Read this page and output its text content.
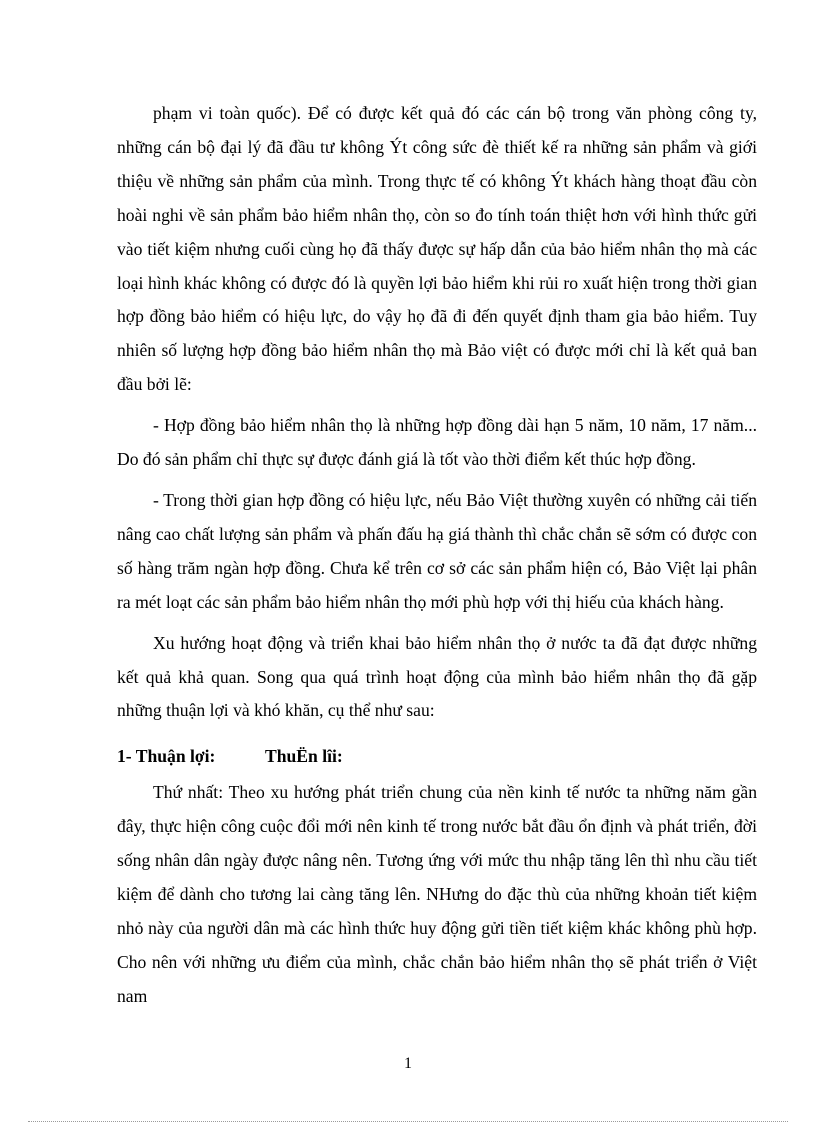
phạm vi toàn quốc). Để có được kết quả đó các cán bộ trong văn phòng công ty, những cán bộ đại lý đã đầu tư không Ýt công sức đè thiết kế ra những sản phẩm và giới thiệu về những sản phẩm của mình. Trong thực tế có không Ýt khách hàng thoạt đầu còn hoài nghi về sản phẩm bảo hiểm nhân thọ, còn so đo tính toán thiệt hơn với hình thức gửi vào tiết kiệm nhưng cuối cùng họ đã thấy được sự hấp dẫn của bảo hiểm nhân thọ mà các loại hình khác không có được đó là quyền lợi bảo hiểm khi rủi ro xuất hiện trong thời gian hợp đồng bảo hiểm có hiệu lực, do vậy họ đã đi đến quyết định tham gia bảo hiểm. Tuy nhiên số lượng hợp đồng bảo hiểm nhân thọ mà Bảo việt có được mới chỉ là kết quả ban đầu bởi lẽ:

- Hợp đồng bảo hiểm nhân thọ là những hợp đồng dài hạn 5 năm, 10 năm, 17 năm... Do đó sản phẩm chỉ thực sự được đánh giá là tốt vào thời điểm kết thúc hợp đồng.

- Trong thời gian hợp đồng có hiệu lực, nếu Bảo Việt thường xuyên có những cải tiến nâng cao chất lượng sản phẩm và phấn đấu hạ giá thành thì chắc chắn sẽ sớm có được con số hàng trăm ngàn hợp đồng. Chưa kể trên cơ sở các sản phẩm hiện có, Bảo Việt lại phân ra mét loạt các sản phẩm bảo hiểm nhân thọ mới phù hợp với thị hiếu của khách hàng.

Xu hướng hoạt động và triển khai bảo hiểm nhân thọ ở nước ta đã đạt được những kết quả khả quan. Song qua quá trình hoạt động của mình bảo hiểm nhân thọ đã gặp những thuận lợi và khó khăn, cụ thể như sau:

1- Thuận lợi:	ThuËn lîi:

Thứ nhất: Theo xu hướng phát triển chung của nền kinh tế nước ta những năm gần đây, thực hiện công cuộc đổi mới nên kinh tế trong nước bắt đầu ổn định và phát triển, đời sống nhân dân ngày được nâng nên. Tương ứng với mức thu nhập tăng lên thì nhu cầu tiết kiệm để dành cho tương lai càng tăng lên. NHưng do đặc thù của những khoản tiết kiệm nhỏ này của người dân mà các hình thức huy động gửi tiền tiết kiệm khác không phù hợp. Cho nên với những ưu điểm của mình, chắc chắn bảo hiểm nhân thọ sẽ phát triển ở Việt nam

1
